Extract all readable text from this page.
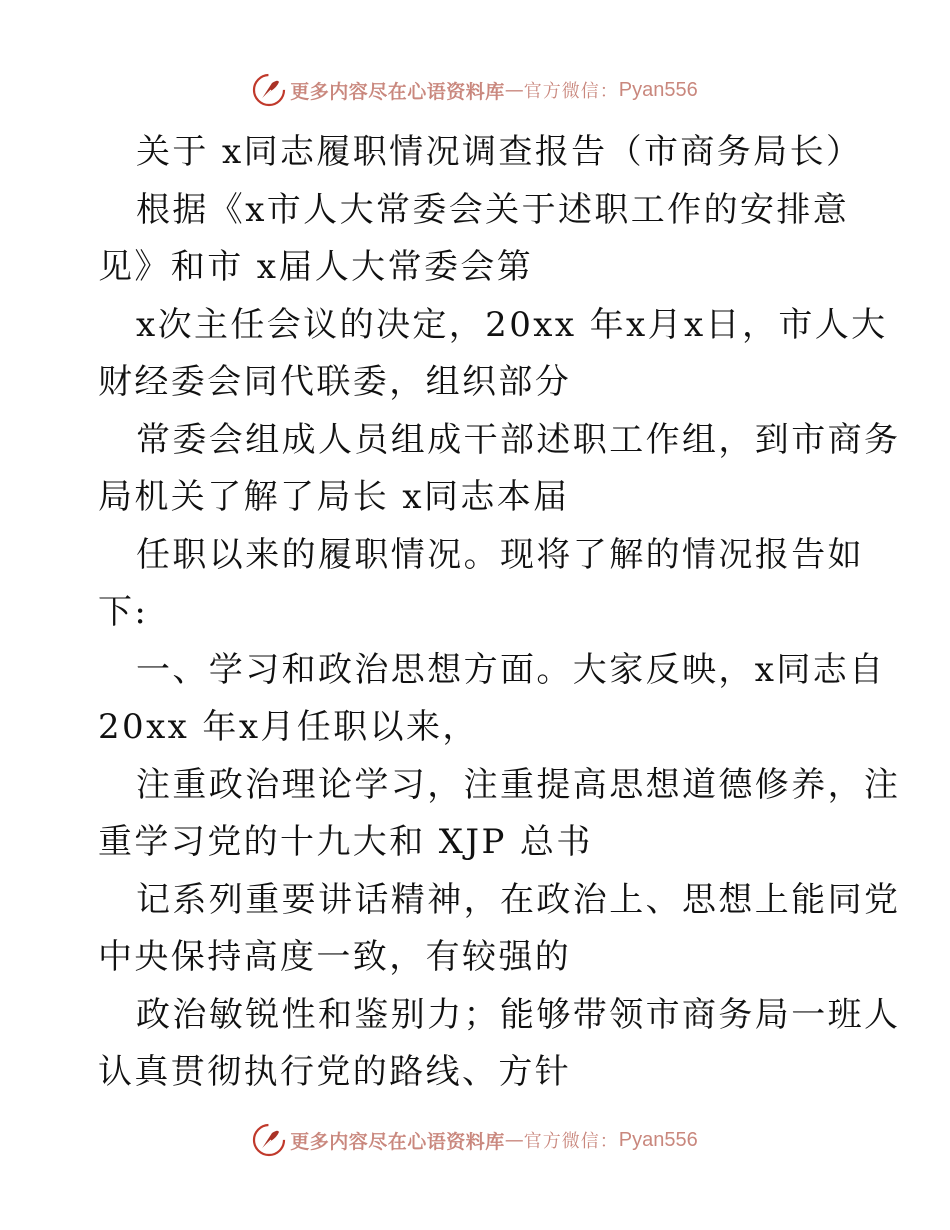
更多内容尽在心语资料库 — 官方微信： Pyan556
关于 x同志履职情况调查报告（市商务局长）
根据《x市人大常委会关于述职工作的安排意
见》和市 x届人大常委会第
x次主任会议的决定，20xx 年x月x日，市人大
财经委会同代联委，组织部分
常委会组成人员组成干部述职工作组，到市商务
局机关了解了局长 x同志本届
任职以来的履职情况。现将了解的情况报告如
下:
一、学习和政治思想方面。大家反映，x同志自
20xx 年x月任职以来，
注重政治理论学习，注重提高思想道德修养，注
重学习党的十九大和 XJP 总书
记系列重要讲话精神，在政治上、思想上能同党
中央保持高度一致，有较强的
政治敏锐性和鉴别力；能够带领市商务局一班人
认真贯彻执行党的路线、方针
更多内容尽在心语资料库 — 官方微信： Pyan556
